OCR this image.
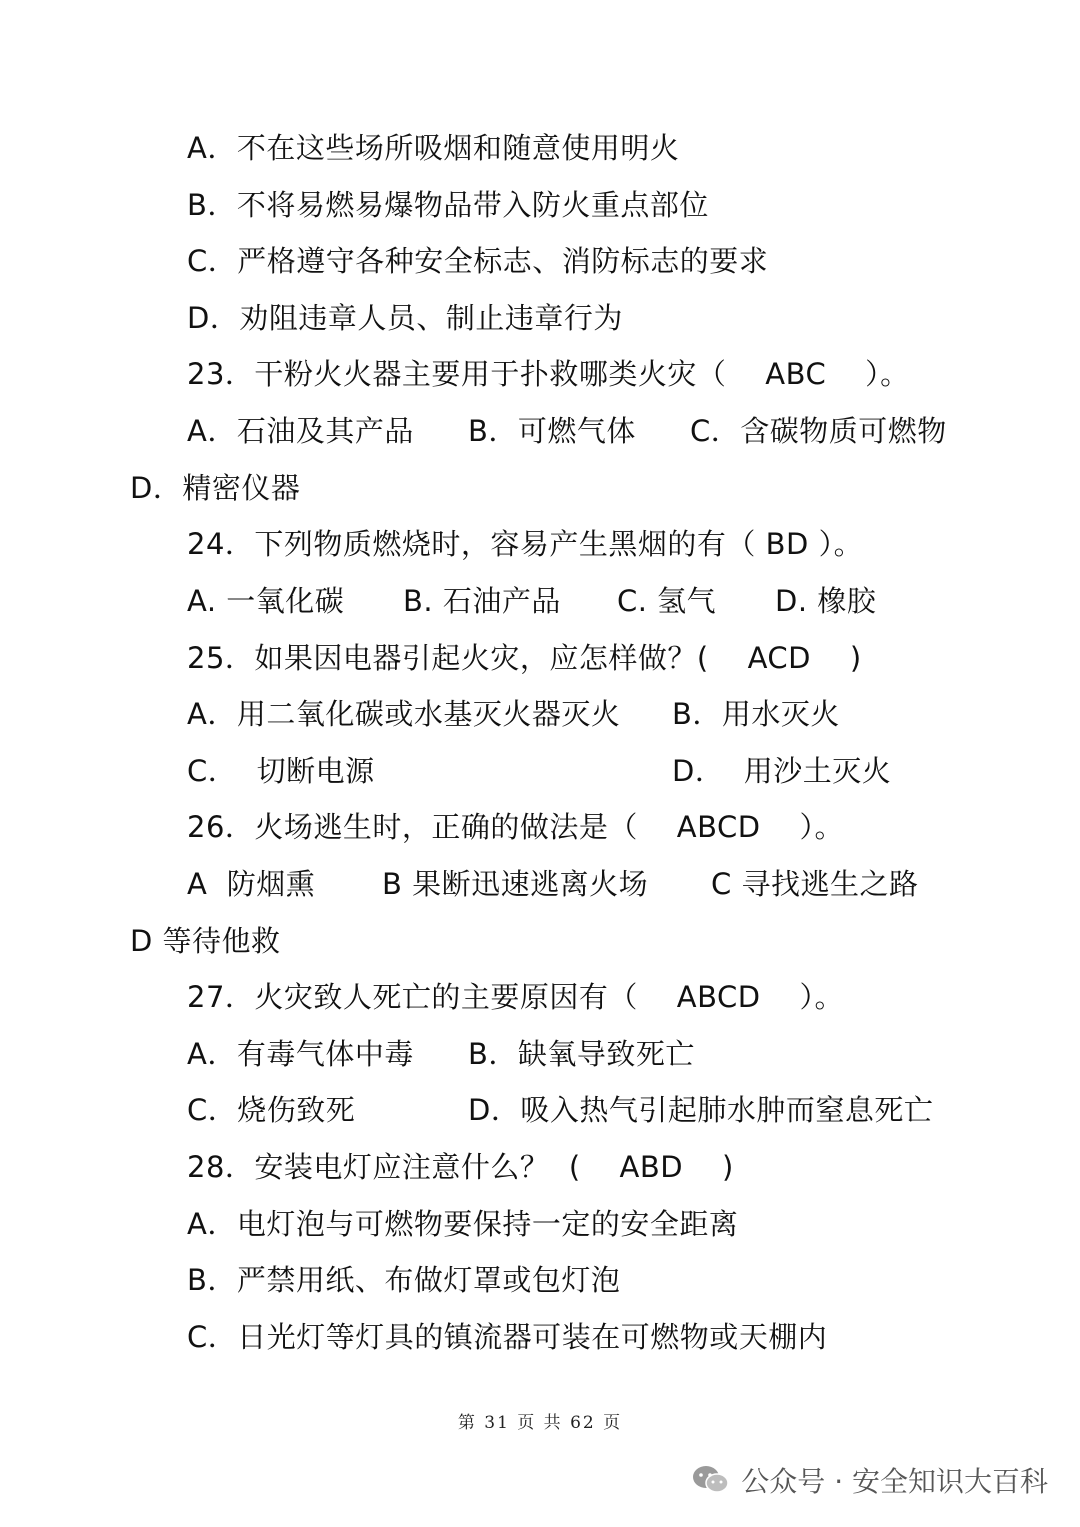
A．不在这些场所吸烟和随意使用明火
B．不将易燃易爆物品带入防火重点部位
C．严格遵守各种安全标志、消防标志的要求
D．劝阻违章人员、制止违章行为
23．干粉火火器主要用于扑救哪类火灾（    ABC    ）。
A．石油及其产品 B．可燃气体 C．含碳物质可燃物
D．精密仪器
24．下列物质燃烧时，容易产生黑烟的有（ BD ）。
A. 一氧化碳 B. 石油产品 C. 氢气 D. 橡胶
25．如果因电器引起火灾，应怎样做？(    ACD    )
A．用二氧化碳或水基灭火器灭火 B．用水灭火
C．  切断电源	D．  用沙土灭火
26．火场逃生时，正确的做法是（    ABCD    ）。
A  防烟熏 B 果断迅速逃离火场 C 寻找逃生之路
D 等待他救
27．火灾致人死亡的主要原因有（    ABCD    ）。
A．有毒气体中毒 B．缺氧导致死亡
C．烧伤致死	D．吸入热气引起肺水肿而窒息死亡
28．安装电灯应注意什么？  (    ABD    )
A．电灯泡与可燃物要保持一定的安全距离
B．严禁用纸、布做灯罩或包灯泡
C．日光灯等灯具的镇流器可装在可燃物或天棚内
第 31 页 共 62 页
公众号 · 安全知识大百科
